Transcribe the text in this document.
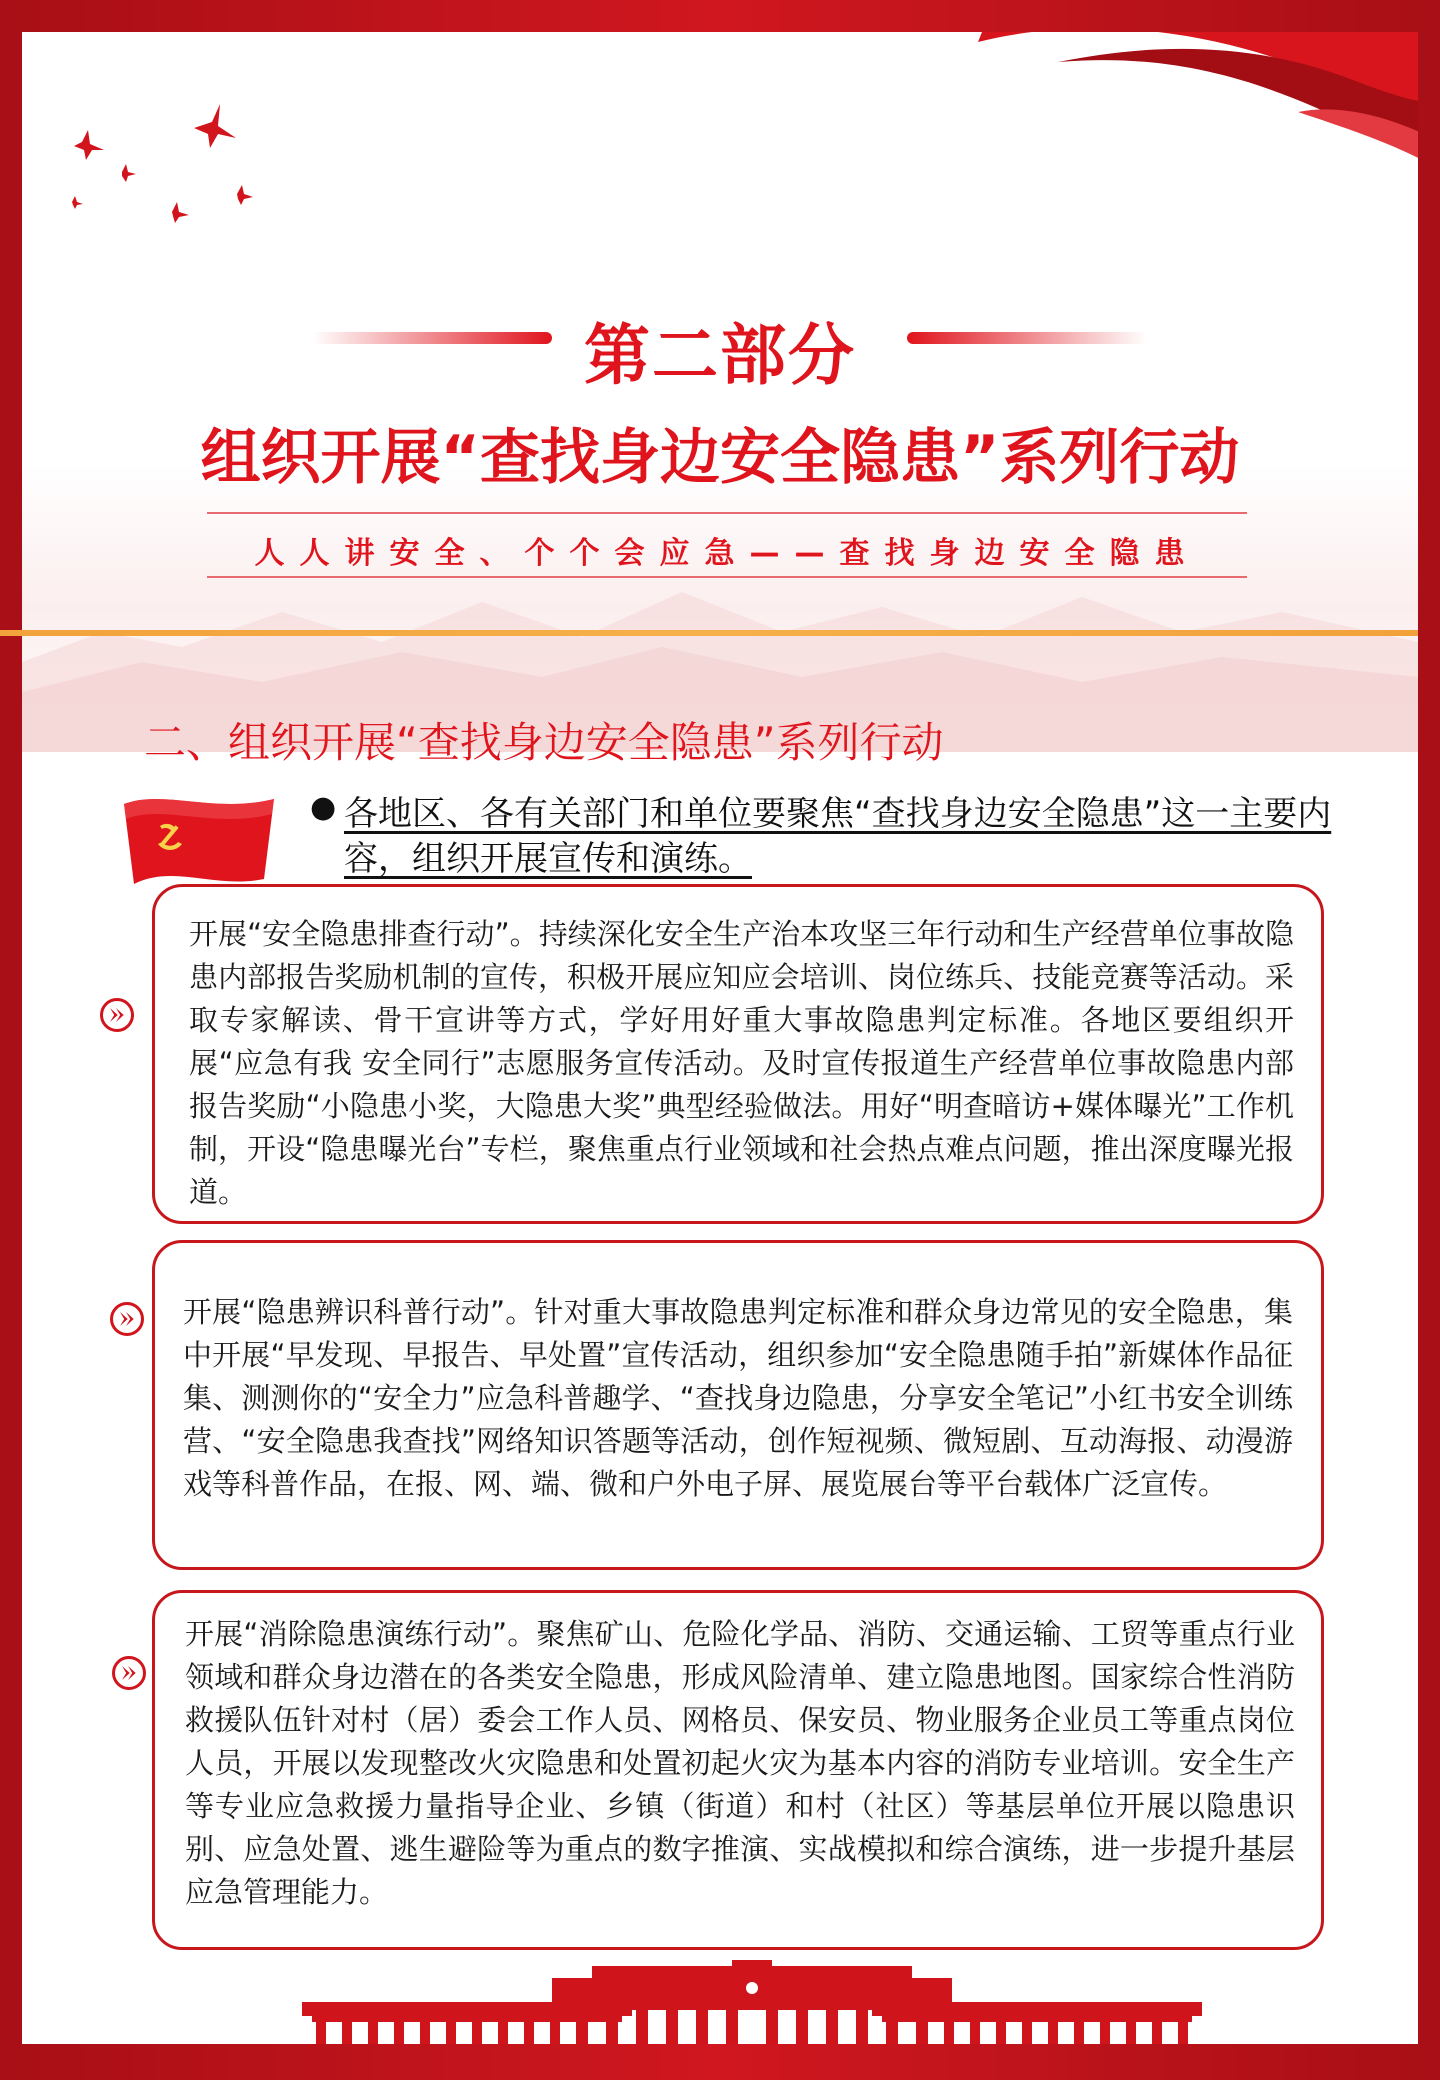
第二部分
组织开展“查找身边安全隐患”系列行动
人人讲安全、个个会应急——查找身边安全隐患
二、组织开展“查找身边安全隐患”系列行动
● 各地区、各有关部门和单位要聚焦“查找身边安全隐患”这一主要内容，组织开展宣传和演练。
开展“安全隐患排查行动”。持续深化安全生产治本攻坚三年行动和生产经营单位事故隐患内部报告奖励机制的宣传，积极开展应知应会培训、岗位练兵、技能竞赛等活动。采取专家解读、骨干宣讲等方式，学好用好重大事故隐患判定标准。各地区要组织开展“应急有我 安全同行”志愿服务宣传活动。及时宣传报道生产经营单位事故隐患内部报告奖励“小隐患小奖，大隐患大奖”典型经验做法。用好“明查暗访+媒体曝光”工作机制，开设“隐患曝光台”专栏，聚焦重点行业领域和社会热点难点问题，推出深度曝光报道。
开展“隐患辨识科普行动”。针对重大事故隐患判定标准和群众身边常见的安全隐患，集中开展“早发现、早报告、早处置”宣传活动，组织参加“安全隐患随手拍”新媒体作品征集、测测你的“安全力”应急科普趣学、“查找身边隐患，分享安全笔记”小红书安全训练营、“安全隐患我查找”网络知识答题等活动，创作短视频、微短剧、互动海报、动漫游戏等科普作品，在报、网、端、微和户外电子屏、展览展台等平台载体广泛宣传。
开展“消除隐患演练行动”。聚焦矿山、危险化学品、消防、交通运输、工贸等重点行业领域和群众身边潜在的各类安全隐患，形成风险清单、建立隐患地图。国家综合性消防救援队伍针对村（居）委会工作人员、网格员、保安员、物业服务企业员工等重点岗位人员，开展以发现整改火灾隐患和处置初起火灾为基本内容的消防专业培训。安全生产等专业应急救援力量指导企业、乡镇（街道）和村（社区）等基层单位开展以隐患识别、应急处置、逃生避险等为重点的数字推演、实战模拟和综合演练，进一步提升基层应急管理能力。
